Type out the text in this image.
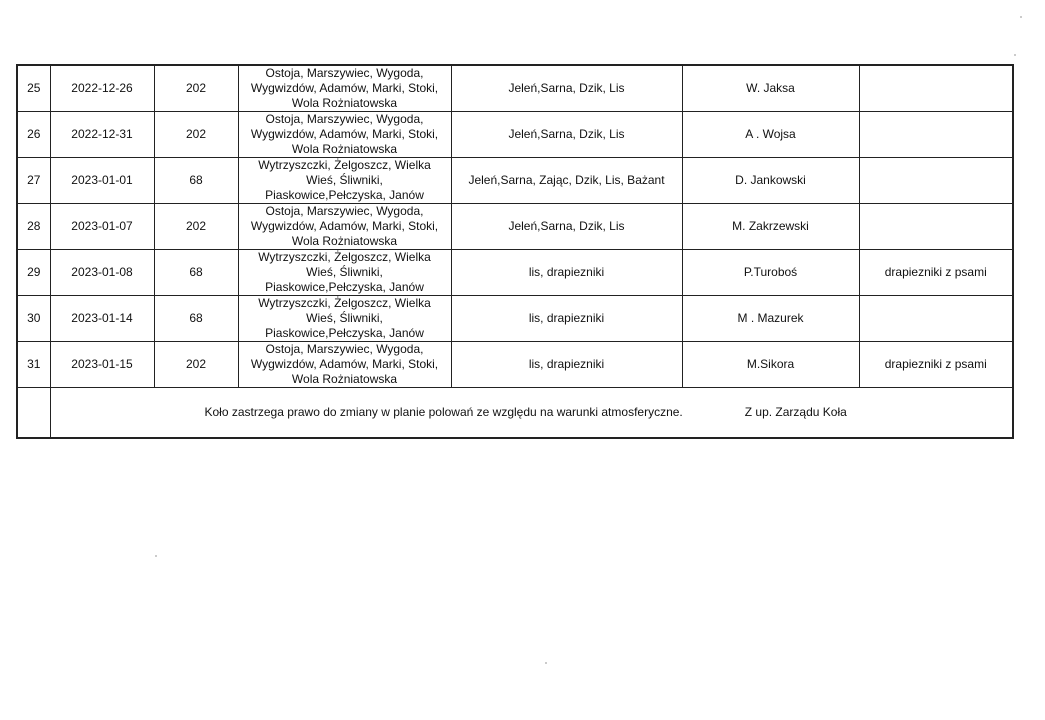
25	2022-12-26	202	Ostoja, Marszywiec, Wygoda,
Wygwizdów, Adamów, Marki, Stoki,
Wola Rożniatowska	Jeleń,Sarna, Dzik, Lis	W. Jaksa	
26	2022-12-31	202	Ostoja, Marszywiec, Wygoda,
Wygwizdów, Adamów, Marki, Stoki,
Wola Rożniatowska	Jeleń,Sarna, Dzik, Lis	A . Wojsa	
27	2023-01-01	68	Wytrzyszczki, Żelgoszcz, Wielka
Wieś, Śliwniki,
Piaskowice,Pełczyska, Janów	Jeleń,Sarna, Zając, Dzik, Lis, Bażant	D. Jankowski	
28	2023-01-07	202	Ostoja, Marszywiec, Wygoda,
Wygwizdów, Adamów, Marki, Stoki,
Wola Rożniatowska	Jeleń,Sarna, Dzik, Lis	M. Zakrzewski	
29	2023-01-08	68	Wytrzyszczki, Żelgoszcz, Wielka
Wieś, Śliwniki,
Piaskowice,Pełczyska, Janów	lis, drapiezniki	P.Turoboś	drapiezniki z psami
30	2023-01-14	68	Wytrzyszczki, Żelgoszcz, Wielka
Wieś, Śliwniki,
Piaskowice,Pełczyska, Janów	lis, drapiezniki	M . Mazurek	
31	2023-01-15	202	Ostoja, Marszywiec, Wygoda,
Wygwizdów, Adamów, Marki, Stoki,
Wola Rożniatowska	lis, drapiezniki	M.Sikora	drapiezniki z psami

	Koło zastrzega prawo do zmiany w planie polowań ze względu na warunki atmosferyczne. Z up. Zarządu Koła					
